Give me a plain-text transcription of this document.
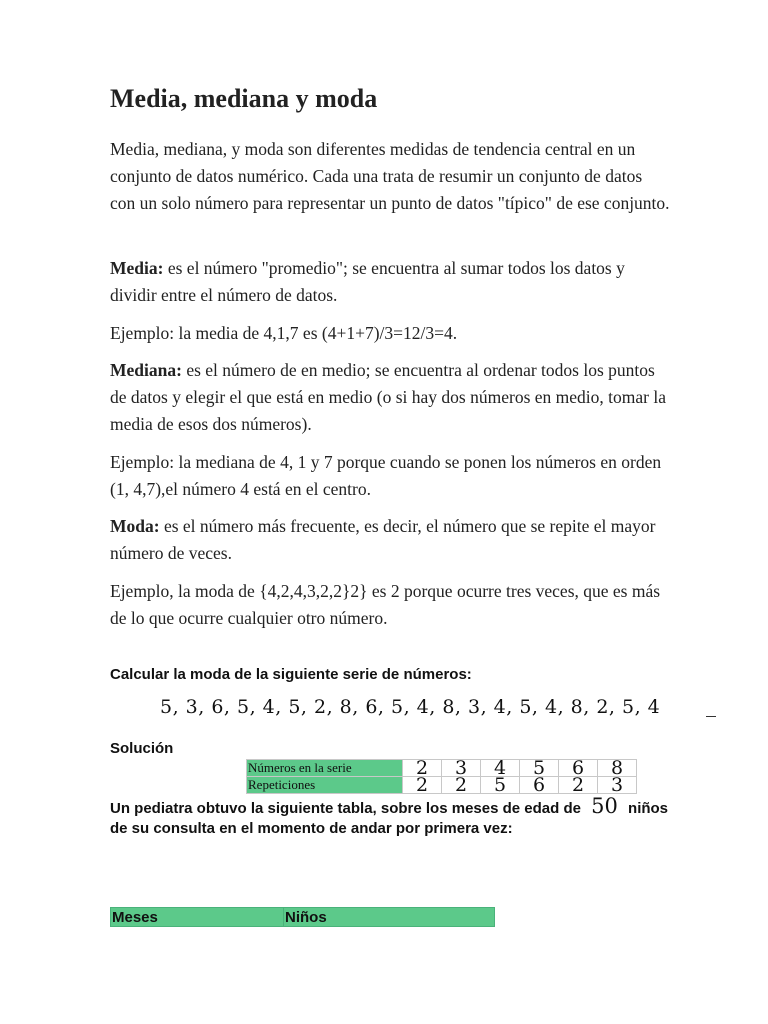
Media, mediana y moda

Media, mediana, y moda son diferentes medidas de tendencia central en un conjunto de datos numérico. Cada una trata de resumir un conjunto de datos con un solo número para representar un punto de datos "típico" de ese conjunto.

Media: es el número "promedio"; se encuentra al sumar todos los datos y dividir entre el número de datos.

Ejemplo: la media de 4,1,7 es (4+1+7)/3=12/3=4.

Mediana: es el número de en medio; se encuentra al ordenar todos los puntos de datos y elegir el que está en medio (o si hay dos números en medio, tomar la media de esos dos números).

Ejemplo: la mediana de 4, 1 y 7 porque cuando se ponen los números en orden (1, 4,7),el número 4 está en el centro.

Moda: es el número más frecuente, es decir, el número que se repite el mayor número de veces.

Ejemplo, la moda de {4,2,4,3,2,2}2} es 2 porque ocurre tres veces, que es más de lo que ocurre cualquier otro número.

Calcular la moda de la siguiente serie de números:
5, 3, 6, 5, 4, 5, 2, 8, 6, 5, 4, 8, 3, 4, 5, 4, 8, 2, 5, 4
Solución
Un pediatra obtuvo la siguiente tabla, sobre los meses de edad de 50 niños de su consulta en el momento de andar por primera vez:
Números en la serie	2	3	4	5	6	8
Repeticiones	2	2	5	6	2	3
Meses	Niños
